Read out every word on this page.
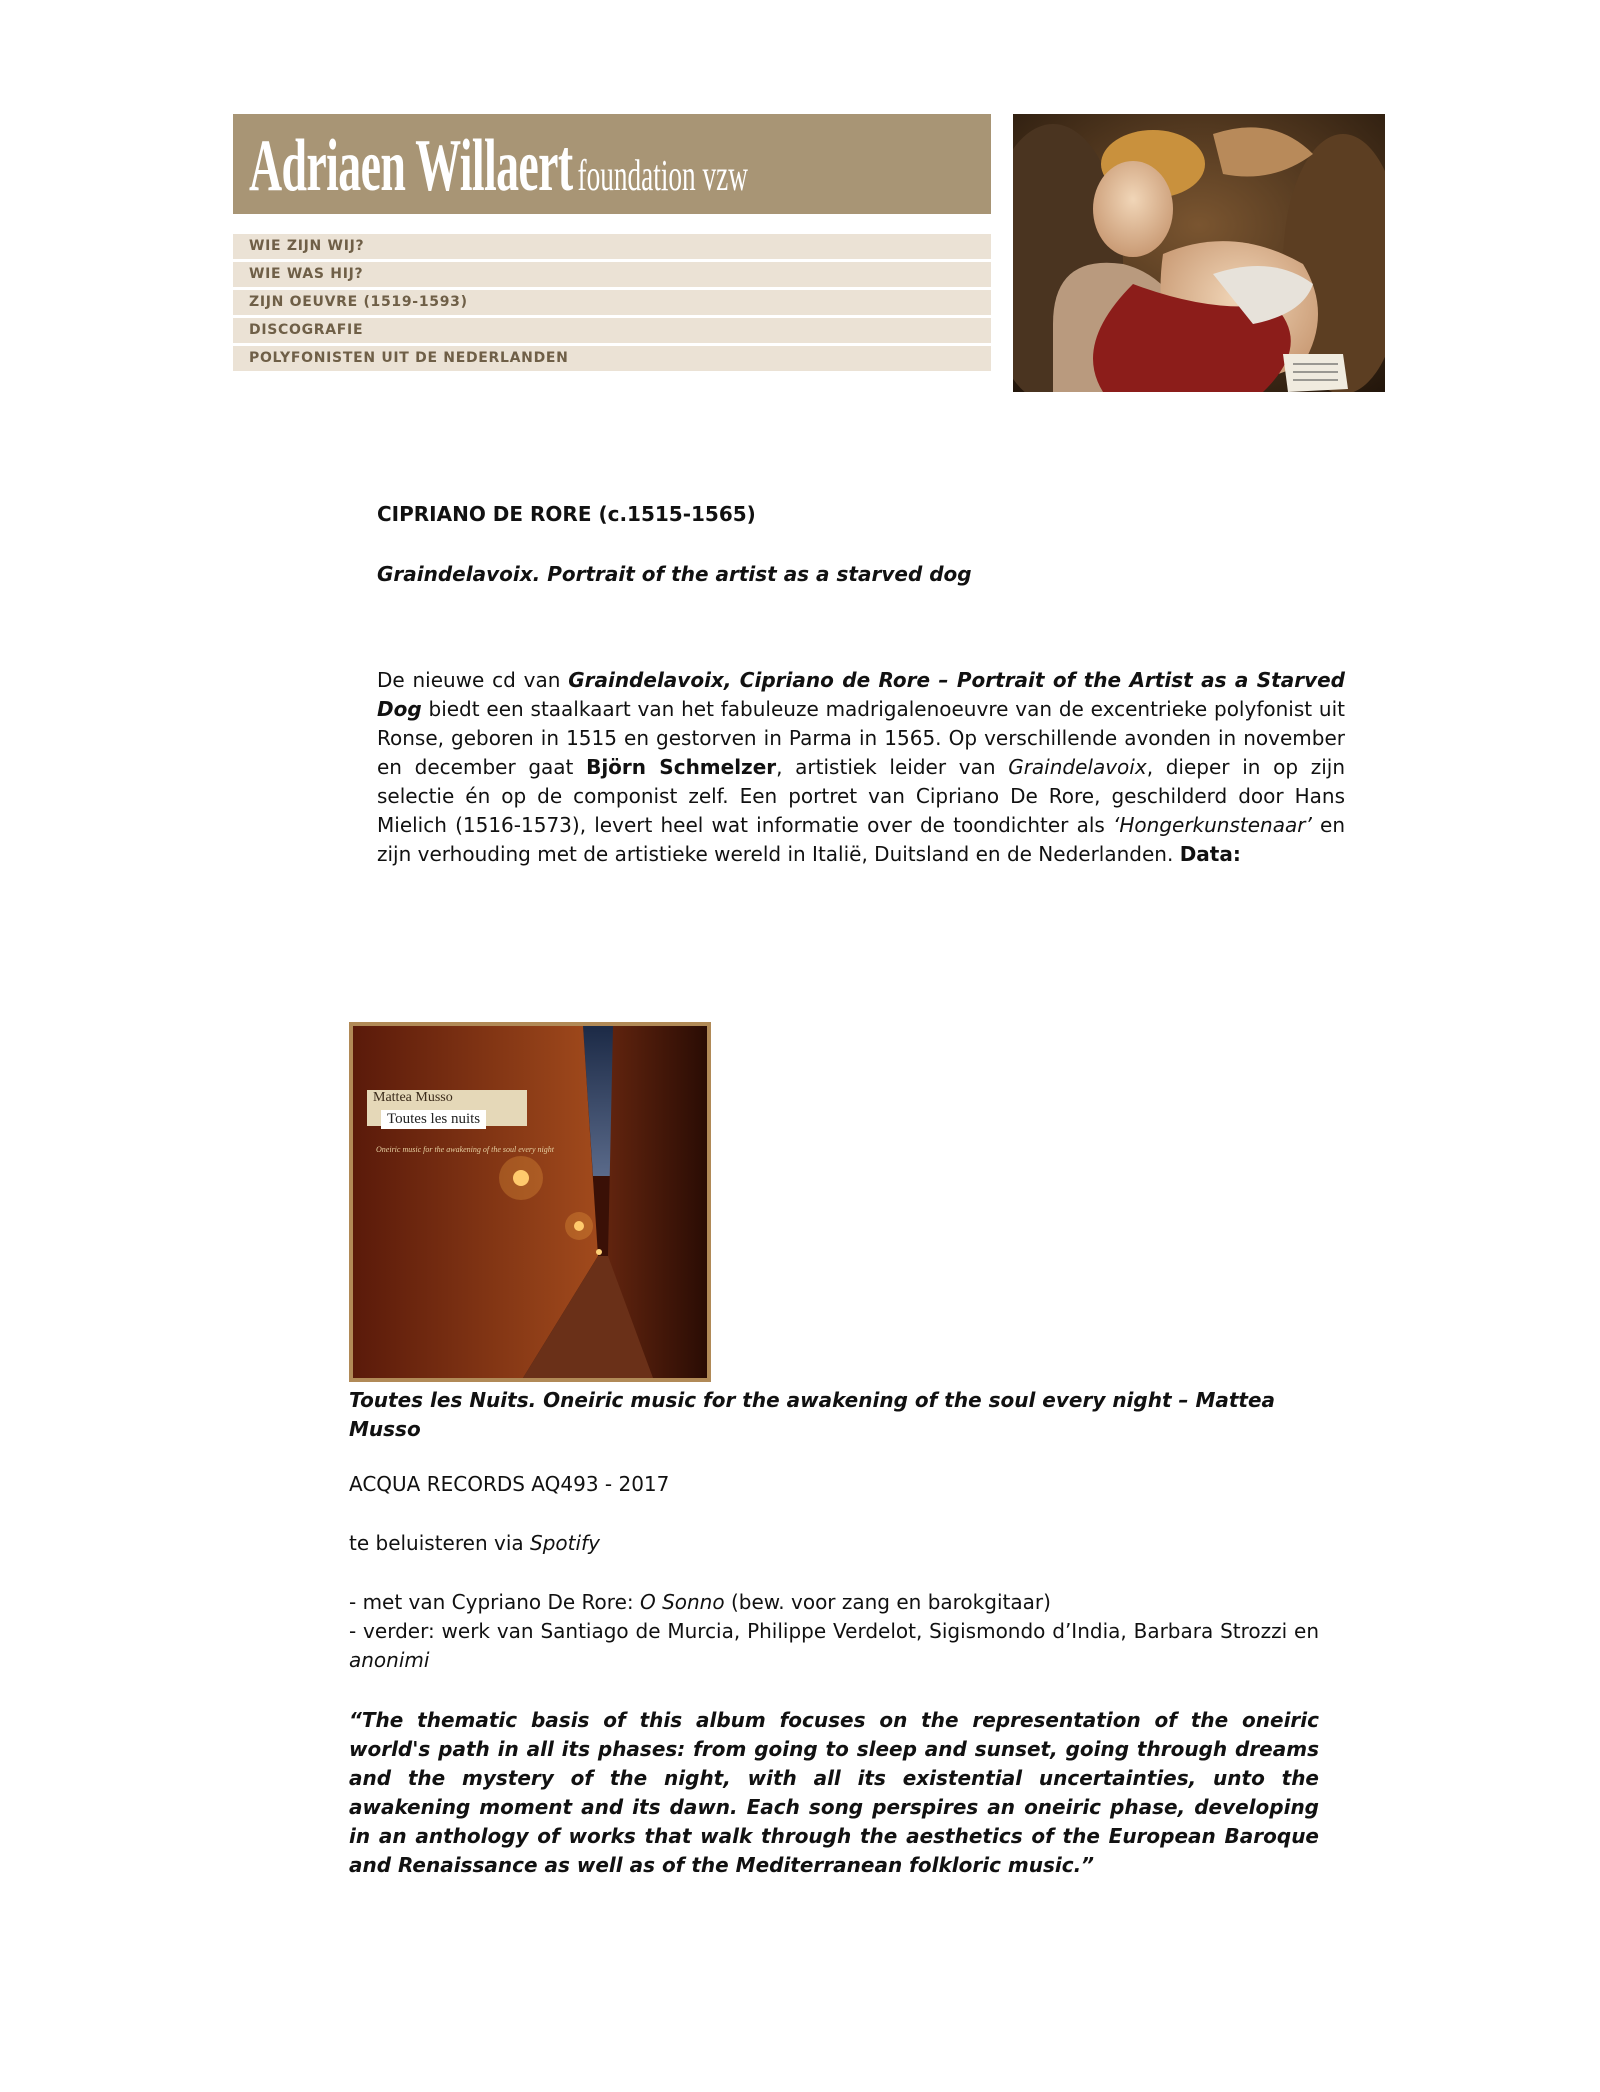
Adriaen Willaert foundation vzw
WIE ZIJN WIJ?
WIE WAS HIJ?
ZIJN OEUVRE (1519-1593)
DISCOGRAFIE
POLYFONISTEN UIT DE NEDERLANDEN
CIPRIANO DE RORE (c.1515-1565)
Graindelavoix. Portrait of the artist as a starved dog
De nieuwe cd van Graindelavoix, Cipriano de Rore – Portrait of the Artist as a Starved Dog biedt een staalkaart van het fabuleuze madrigalenoeuvre van de excentrieke polyfonist uit Ronse, geboren in 1515 en gestorven in Parma in 1565. Op verschillende avonden in november en december gaat Björn Schmelzer, artistiek leider van Graindelavoix, dieper in op zijn selectie én op de componist zelf. Een portret van Cipriano De Rore, geschilderd door Hans Mielich (1516-1573), levert heel wat informatie over de toondichter als ‘Hongerkunstenaar’ en zijn verhouding met de artistieke wereld in Italië, Duitsland en de Nederlanden. Data:
Mattea Musso
Toutes les nuits
Oneiric music for the awakening of the soul every night
Toutes les Nuits. Oneiric music for the awakening of the soul every night – Mattea Musso
ACQUA RECORDS AQ493 - 2017
te beluisteren via Spotify
- met van Cypriano De Rore: O Sonno (bew. voor zang en barokgitaar)
- verder: werk van Santiago de Murcia, Philippe Verdelot, Sigismondo d’India, Barbara Strozzi en anonimi
“The thematic basis of this album focuses on the representation of the oneiric world's path in all its phases: from going to sleep and sunset, going through dreams and the mystery of the night, with all its existential uncertainties, unto the awakening moment and its dawn. Each song perspires an oneiric phase, developing in an anthology of works that walk through the aesthetics of the European Baroque and Renaissance as well as of the Mediterranean folkloric music.”
